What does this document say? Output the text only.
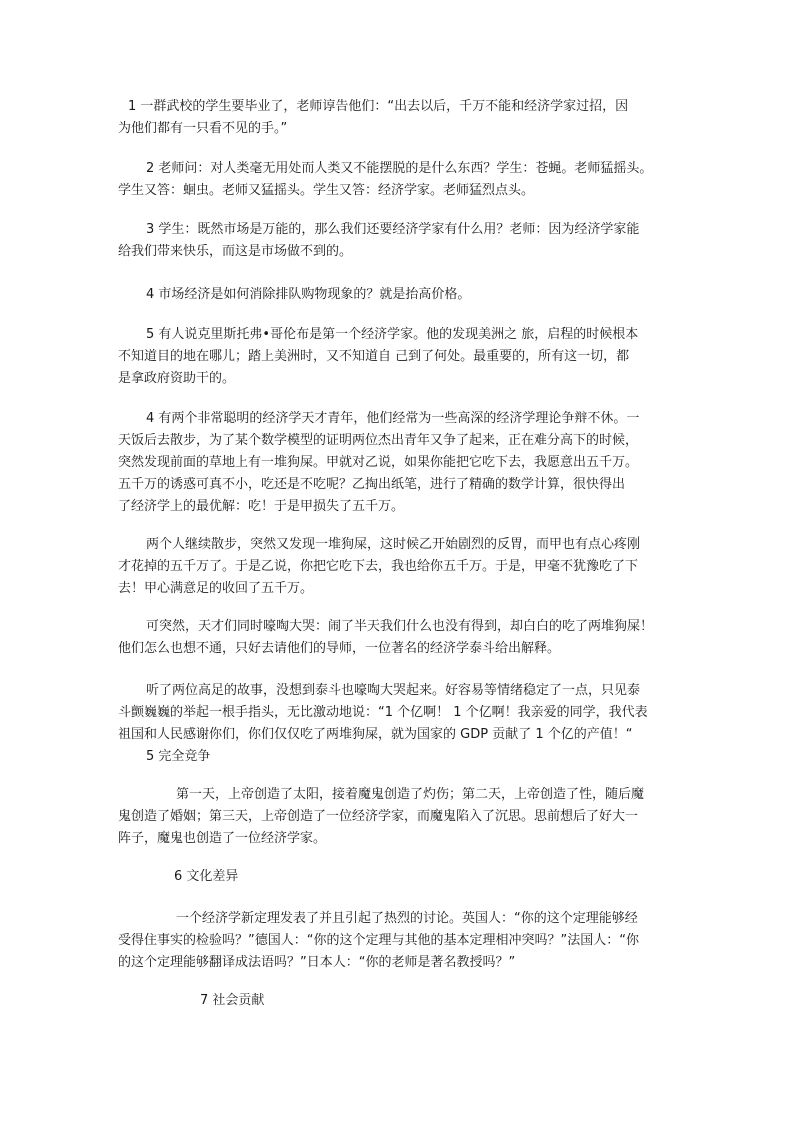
1 一群武校的学生要毕业了，老师谆告他们：“出去以后，千万不能和经济学家过招，因
为他们都有一只看不见的手。”

2 老师问：对人类毫无用处而人类又不能摆脱的是什么东西？学生：苍蝇。老师猛摇头。
学生又答：蛔虫。老师又猛摇头。学生又答：经济学家。老师猛烈点头。

3 学生：既然市场是万能的，那么我们还要经济学家有什么用？老师：因为经济学家能
给我们带来快乐，而这是市场做不到的。

4 市场经济是如何消除排队购物现象的？就是抬高价格。

5 有人说克里斯托弗•哥伦布是第一个经济学家。他的发现美洲之 旅，启程的时候根本
不知道目的地在哪儿；踏上美洲时，又不知道自 己到了何处。最重要的，所有这一切，都
是拿政府资助干的。

4 有两个非常聪明的经济学天才青年，他们经常为一些高深的经济学理论争辩不休。一
天饭后去散步，为了某个数学模型的证明两位杰出青年又争了起来，正在难分高下的时候，
突然发现前面的草地上有一堆狗屎。甲就对乙说，如果你能把它吃下去，我愿意出五千万。
五千万的诱惑可真不小，吃还是不吃呢？乙掏出纸笔，进行了精确的数学计算，很快得出
了经济学上的最优解：吃！于是甲损失了五千万。

两个人继续散步，突然又发现一堆狗屎，这时候乙开始剧烈的反胃，而甲也有点心疼刚
才花掉的五千万了。于是乙说，你把它吃下去，我也给你五千万。于是，甲毫不犹豫吃了下
去！甲心满意足的收回了五千万。

可突然，天才们同时嚎啕大哭：闹了半天我们什么也没有得到，却白白的吃了两堆狗屎！
他们怎么也想不通，只好去请他们的导师，一位著名的经济学泰斗给出解释。

听了两位高足的故事，没想到泰斗也嚎啕大哭起来。好容易等情绪稳定了一点，只见泰
斗颤巍巍的举起一根手指头，无比激动地说：“1 个亿啊！ 1 个亿啊！我亲爱的同学，我代表
祖国和人民感谢你们，你们仅仅吃了两堆狗屎，就为国家的 GDP 贡献了 1 个亿的产值！“
5 完全竞争

第一天，上帝创造了太阳，接着魔鬼创造了灼伤；第二天，上帝创造了性，随后魔
鬼创造了婚姻；第三天，上帝创造了一位经济学家，而魔鬼陷入了沉思。思前想后了好大一
阵子，魔鬼也创造了一位经济学家。

6 文化差异

一个经济学新定理发表了并且引起了热烈的讨论。英国人：“你的这个定理能够经
受得住事实的检验吗？”德国人：“你的这个定理与其他的基本定理相冲突吗？”法国人：“你
的这个定理能够翻译成法语吗？”日本人：“你的老师是著名教授吗？”

7 社会贡献
